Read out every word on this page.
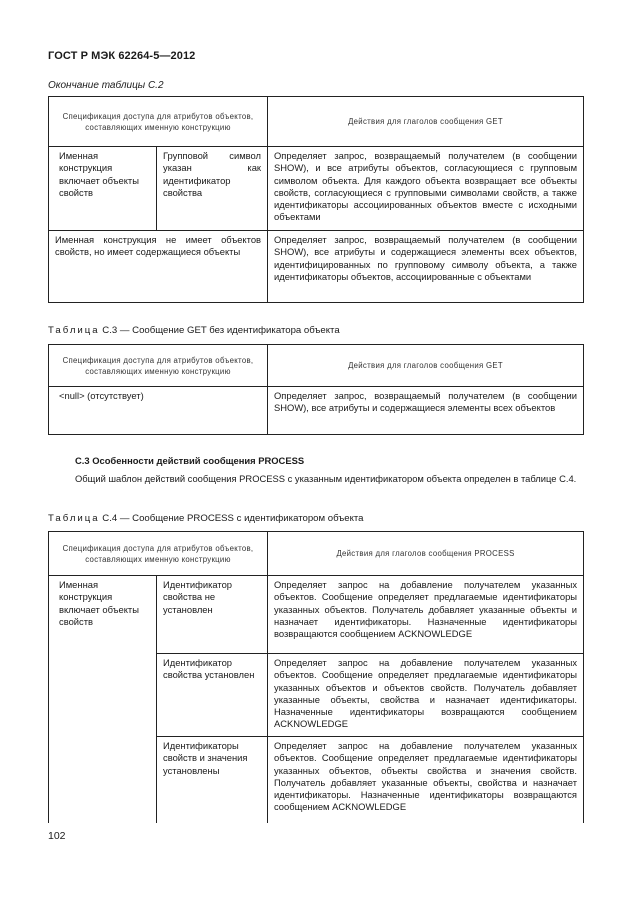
ГОСТ Р МЭК 62264-5—2012
Окончание таблицы С.2
Спецификация доступа для атрибутов объектов, составляющих именную конструкцию		Действия для глаголов сообщения GET
Именная конструкция включает объекты свойств	Групповой символ указан как идентификатор свойства	Определяет запрос, возвращаемый получателем (в сообщении SHOW), и все атрибуты объектов, согласующиеся с групповым символом объекта. Для каждого объекта возвращает все объекты свойств, согласующиеся с групповыми символами свойств, а также идентификаторы ассоциированных объектов вместе с исходными объектами
Именная конструкция не имеет объектов свойств, но имеет содержащиеся объекты		Определяет запрос, возвращаемый получателем (в сообщении SHOW), все атрибуты и содержащиеся элементы всех объектов, идентифицированных по групповому символу объекта, а также идентификаторы объектов, ассоциированные с объектами
Таблица С.3 — Сообщение GET без идентификатора объекта
Спецификация доступа для атрибутов объектов, составляющих именную конструкцию	Действия для глаголов сообщения GET
<null> (отсутствует)	Определяет запрос, возвращаемый получателем (в сообщении SHOW), все атрибуты и содержащиеся элементы всех объектов
С.3 Особенности действий сообщения PROCESS
Общий шаблон действий сообщения PROCESS с указанным идентификатором объекта определен в таблице С.4.
Таблица С.4 — Сообщение PROCESS с идентификатором объекта
Спецификация доступа для атрибутов объектов, составляющих именную конструкцию		Действия для глаголов сообщения PROCESS
Именная конструкция включает объекты свойств	Идентификатор свойства не установлен	Определяет запрос на добавление получателем указанных объектов. Сообщение определяет предлагаемые идентификаторы указанных объектов. Получатель добавляет указанные объекты и назначает идентификаторы. Назначенные идентификаторы возвращаются сообщением ACKNOWLEDGE
	Идентификатор свойства установлен	Определяет запрос на добавление получателем указанных объектов. Сообщение определяет предлагаемые идентификаторы указанных объектов и объектов свойств. Получатель добавляет указанные объекты, свойства и назначает идентификаторы. Назначенные идентификаторы возвращаются сообщением ACKNOWLEDGE
	Идентификаторы свойств и значения установлены	Определяет запрос на добавление получателем указанных объектов. Сообщение определяет предлагаемые идентификаторы указанных объектов, объекты свойства и значения свойств. Получатель добавляет указанные объекты, свойства и назначает идентификаторы. Назначенные идентификаторы возвращаются сообщением ACKNOWLEDGE
102
